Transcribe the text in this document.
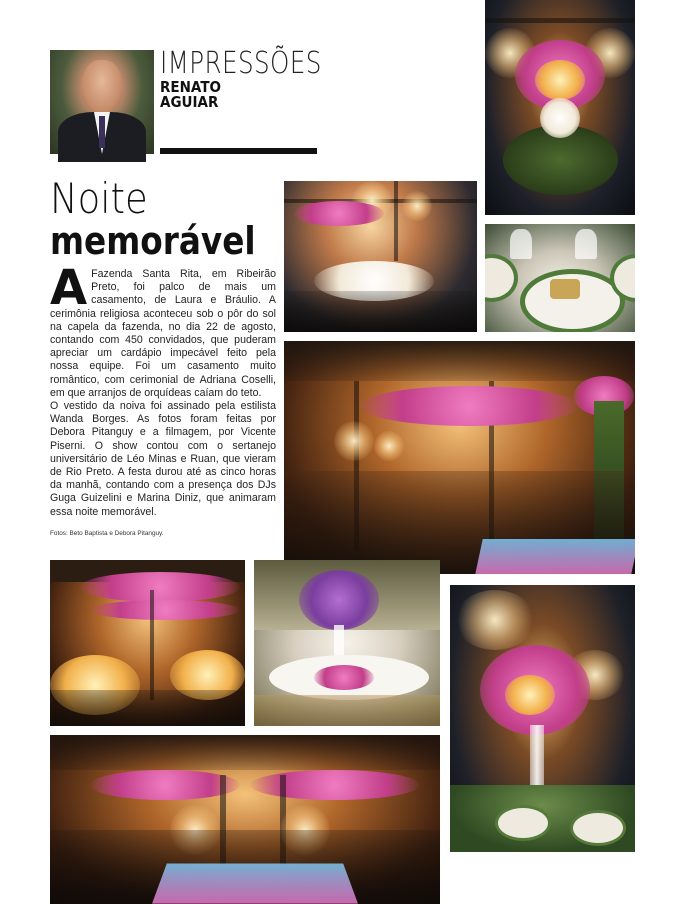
IMPRESSÕES
RENATO
AGUIAR
Noite
memorável

A Fazenda Santa Rita, em Ribeirão Preto, foi palco de mais um casamento, de Laura e Bráulio. A cerimônia religiosa aconteceu sob o pôr do sol na capela da fazenda, no dia 22 de agosto, contando com 450 convidados, que puderam apreciar um cardápio impecável feito pela nossa equipe. Foi um casamento muito romântico, com cerimonial de Adriana Coselli, em que arranjos de orquídeas caíam do teto.

O vestido da noiva foi assinado pela estilista Wanda Borges. As fotos foram feitas por Debora Pitanguy e a filmagem, por Vicente Piserni. O show contou com o sertanejo universitário de Léo Minas e Ruan, que vieram de Rio Preto. A festa durou até as cinco horas da manhã, contando com a presença dos DJs Guga Guizelini e Marina Diniz, que animaram essa noite memorável.

Fotos: Beto Baptista e Debora Pitanguy.
